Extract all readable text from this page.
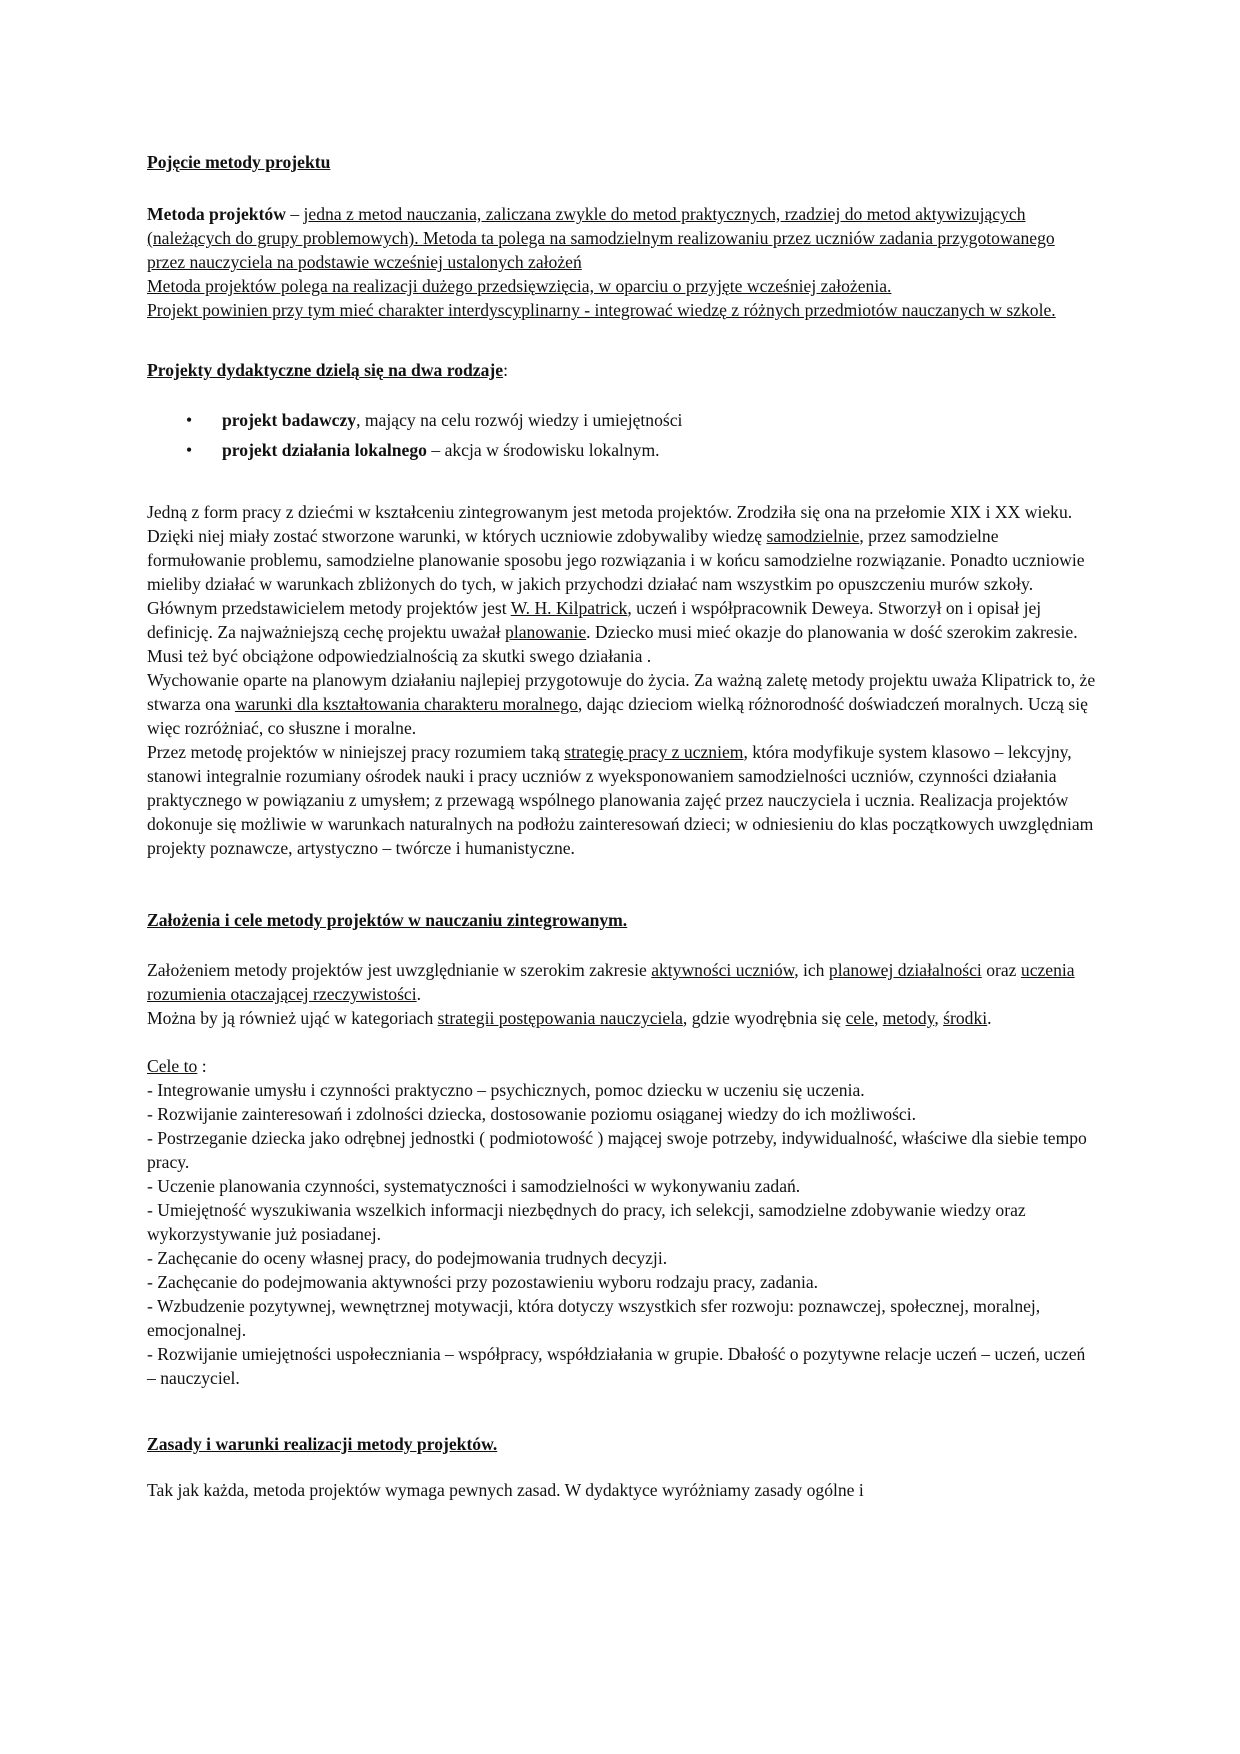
Pojęcie metody projektu

Metoda projektów – jedna z metod nauczania, zaliczana zwykle do metod praktycznych, rzadziej do metod aktywizujących (należących do grupy problemowych). Metoda ta polega na samodzielnym realizowaniu przez uczniów zadania przygotowanego przez nauczyciela na podstawie wcześniej ustalonych założeń
Metoda projektów polega na realizacji dużego przedsięwzięcia, w oparciu o przyjęte wcześniej założenia.
Projekt powinien przy tym mieć charakter interdyscyplinarny - integrować wiedzę z różnych przedmiotów nauczanych w szkole.

Projekty dydaktyczne dzielą się na dwa rodzaje:

• projekt badawczy, mający na celu rozwój wiedzy i umiejętności
• projekt działania lokalnego – akcja w środowisku lokalnym.

Jedną z form pracy z dziećmi w kształceniu zintegrowanym jest metoda projektów. Zrodziła się ona na przełomie XIX i XX wieku. Dzięki niej miały zostać stworzone warunki, w których uczniowie zdobywaliby wiedzę samodzielnie, przez samodzielne formułowanie problemu, samodzielne planowanie sposobu jego rozwiązania i w końcu samodzielne rozwiązanie. Ponadto uczniowie mieliby działać w warunkach zbliżonych do tych, w jakich przychodzi działać nam wszystkim po opuszczeniu murów szkoły. Głównym przedstawicielem metody projektów jest W. H. Kilpatrick, uczeń i współpracownik Deweya. Stworzył on i opisał jej definicję. Za najważniejszą cechę projektu uważał planowanie. Dziecko musi mieć okazje do planowania w dość szerokim zakresie. Musi też być obciążone odpowiedzialnością za skutki swego działania .

Wychowanie oparte na planowym działaniu najlepiej przygotowuje do życia. Za ważną zaletę metody projektu uważa Klipatrick to, że stwarza ona warunki dla kształtowania charakteru moralnego, dając dzieciom wielką różnorodność doświadczeń moralnych. Uczą się więc rozróżniać, co słuszne i moralne.

Przez metodę projektów w niniejszej pracy rozumiem taką strategię pracy z uczniem, która modyfikuje system klasowo – lekcyjny, stanowi integralnie rozumiany ośrodek nauki i pracy uczniów z wyeksponowaniem samodzielności uczniów, czynności działania praktycznego w powiązaniu z umysłem; z przewagą wspólnego planowania zajęć przez nauczyciela i ucznia. Realizacja projektów dokonuje się możliwie w warunkach naturalnych na podłożu zainteresowań dzieci; w odniesieniu do klas początkowych uwzględniam projekty poznawcze, artystyczno – twórcze i humanistyczne.

Założenia i cele metody projektów w nauczaniu zintegrowanym.

Założeniem metody projektów jest uwzględnianie w szerokim zakresie aktywności uczniów, ich planowej działalności oraz uczenia rozumienia otaczającej rzeczywistości.

Można by ją również ująć w kategoriach strategii postępowania nauczyciela, gdzie wyodrębnia się cele, metody, środki.

Cele to :

- Integrowanie umysłu i czynności praktyczno – psychicznych, pomoc dziecku w uczeniu się uczenia.

- Rozwijanie zainteresowań i zdolności dziecka, dostosowanie poziomu osiąganej wiedzy do ich możliwości.

- Postrzeganie dziecka jako odrębnej jednostki ( podmiotowość ) mającej swoje potrzeby, indywidualność, właściwe dla siebie tempo pracy.

- Uczenie planowania czynności, systematyczności i samodzielności w wykonywaniu zadań.

- Umiejętność wyszukiwania wszelkich informacji niezbędnych do pracy, ich selekcji, samodzielne zdobywanie wiedzy oraz wykorzystywanie już posiadanej.

- Zachęcanie do oceny własnej pracy, do podejmowania trudnych decyzji.

- Zachęcanie do podejmowania aktywności przy pozostawieniu wyboru rodzaju pracy, zadania.

- Wzbudzenie pozytywnej, wewnętrznej motywacji, która dotyczy wszystkich sfer rozwoju: poznawczej, społecznej, moralnej, emocjonalnej.

- Rozwijanie umiejętności uspołeczniania – współpracy, współdziałania w grupie. Dbałość o pozytywne relacje uczeń – uczeń, uczeń – nauczyciel.

Zasady i warunki realizacji metody projektów.

Tak jak każda, metoda projektów wymaga pewnych zasad. W dydaktyce wyróżniamy zasady ogólne i
